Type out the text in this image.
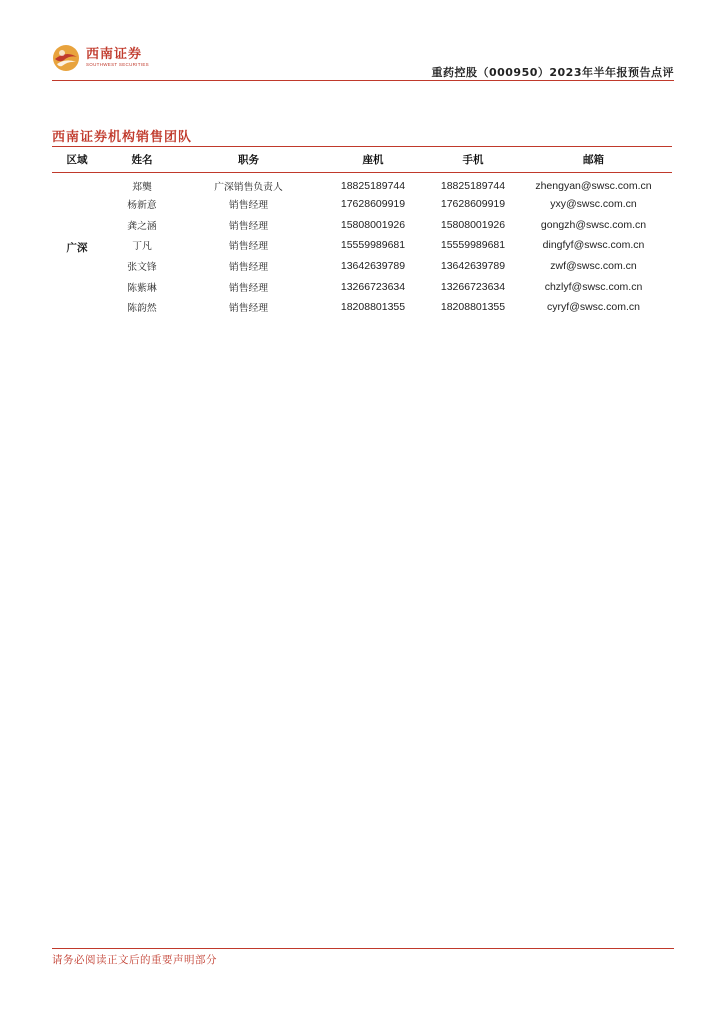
西南证券
SOUTHWEST SECURITIES
重药控股（000950）2023年半年报预告点评
西南证券机构销售团队
区域	姓名	职务	座机	手机	邮箱
广深	郑龑	广深销售负责人	18825189744	18825189744	zhengyan@swsc.com.cn
	杨新意	销售经理	17628609919	17628609919	yxy@swsc.com.cn
	龚之涵	销售经理	15808001926	15808001926	gongzh@swsc.com.cn
	丁凡	销售经理	15559989681	15559989681	dingfyf@swsc.com.cn
	张文锋	销售经理	13642639789	13642639789	zwf@swsc.com.cn
	陈紫琳	销售经理	13266723634	13266723634	chzlyf@swsc.com.cn
	陈韵然	销售经理	18208801355	18208801355	cyryf@swsc.com.cn
请务必阅读正文后的重要声明部分
